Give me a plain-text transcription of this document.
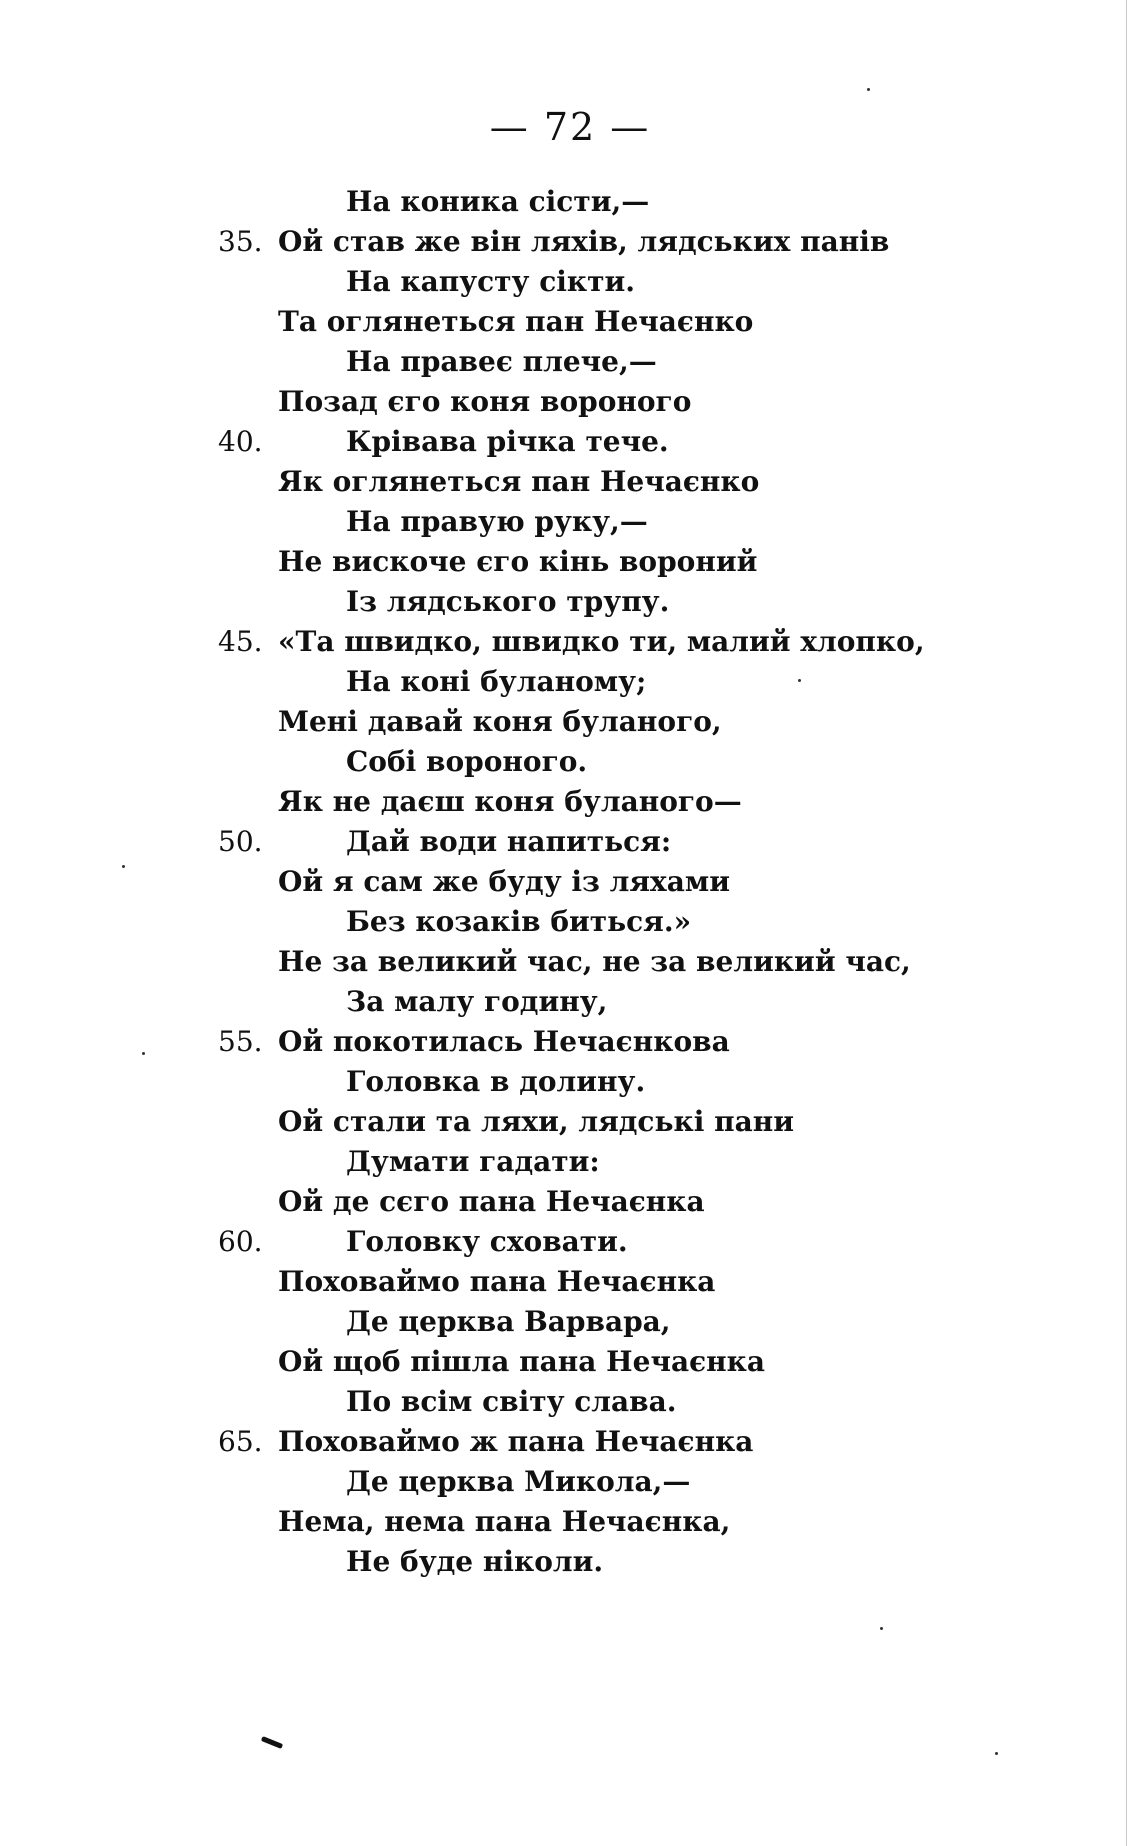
— 72 —
На коника сісти,—
35. Ой став же він ляхів, лядських панів
На капусту сікти.
Та оглянеться пан Нечаєнко
На правеє плече,—
Позад єго коня вороного
40.	Крівава річка тече.
Як оглянеться пан Нечаєнко
На правую руку,—
Не вискоче єго кінь вороний
Із лядського трупу.
45. «Та швидко, швидко ти, малий хлопко,
На коні буланому;
Мені давай коня буланого,
Собі вороного.
Як не даєш коня буланого—
50.	Дай води напиться:
Ой я сам же буду із ляхами
Без козаків биться.»
Не за великий час, не за великий час,
За малу годину,
55. Ой покотилась Нечаєнкова
Головка в долину.
Ой стали та ляхи, лядські пани
Думати гадати:
Ой де сєго пана Нечаєнка
60.	Головку сховати.
Поховаймо пана Нечаєнка
Де церква Варвара,
Ой щоб пішла пана Нечаєнка
По всім світу слава.
65. Поховаймо ж пана Нечаєнка
Де церква Микола,—
Нема, нема пана Нечаєнка,
Не буде ніколи.
